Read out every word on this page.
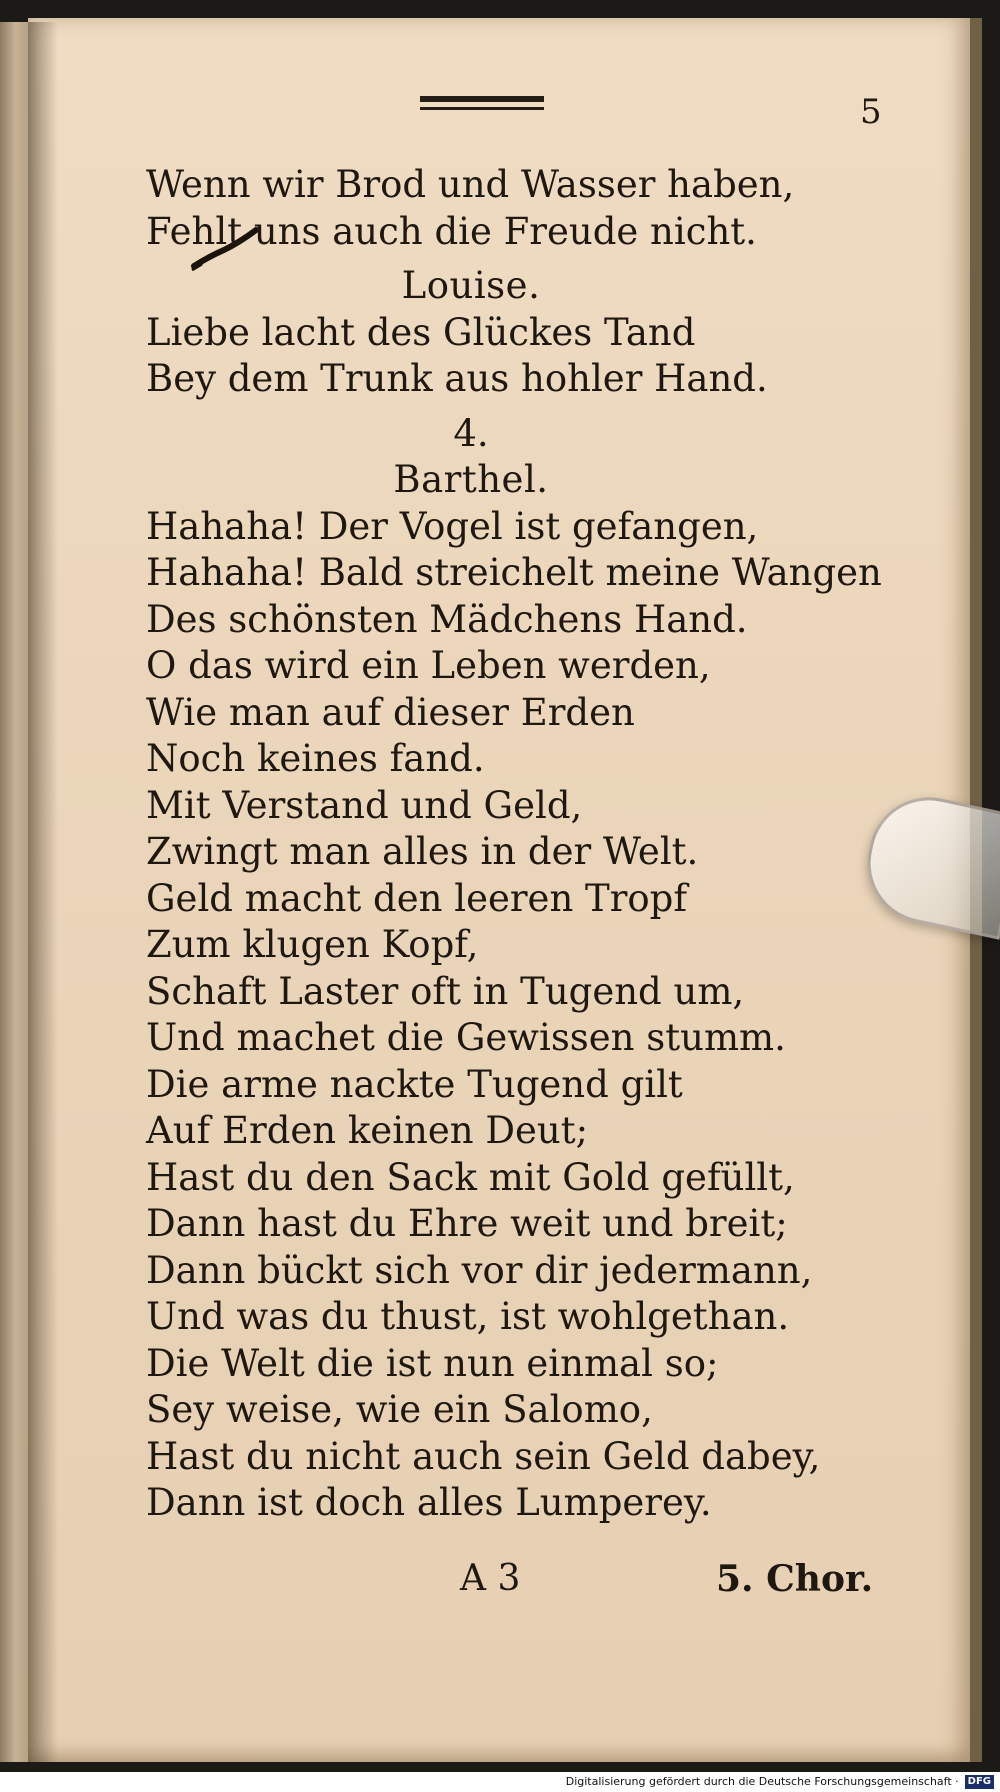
5
Wenn wir Brod und Wasser haben,
Fehlt uns auch die Freude nicht.
Louise.
Liebe lacht des Glückes Tand
Bey dem Trunk aus hohler Hand.
4.
Barthel.
Hahaha! Der Vogel ist gefangen,
Hahaha! Bald streichelt meine Wangen
Des schönsten Mädchens Hand.
O das wird ein Leben werden,
Wie man auf dieser Erden
Noch keines fand.
Mit Verstand und Geld,
Zwingt man alles in der Welt.
Geld macht den leeren Tropf
Zum klugen Kopf,
Schaft Laster oft in Tugend um,
Und machet die Gewissen stumm.
Die arme nackte Tugend gilt
Auf Erden keinen Deut;
Hast du den Sack mit Gold gefüllt,
Dann hast du Ehre weit und breit;
Dann bückt sich vor dir jedermann,
Und was du thust, ist wohlgethan.
Die Welt die ist nun einmal so;
Sey weise, wie ein Salomo,
Hast du nicht auch sein Geld dabey,
Dann ist doch alles Lumperey.
A 3	5. Chor.
Digitalisierung gefördert durch die Deutsche Forschungsgemeinschaft · DFG
